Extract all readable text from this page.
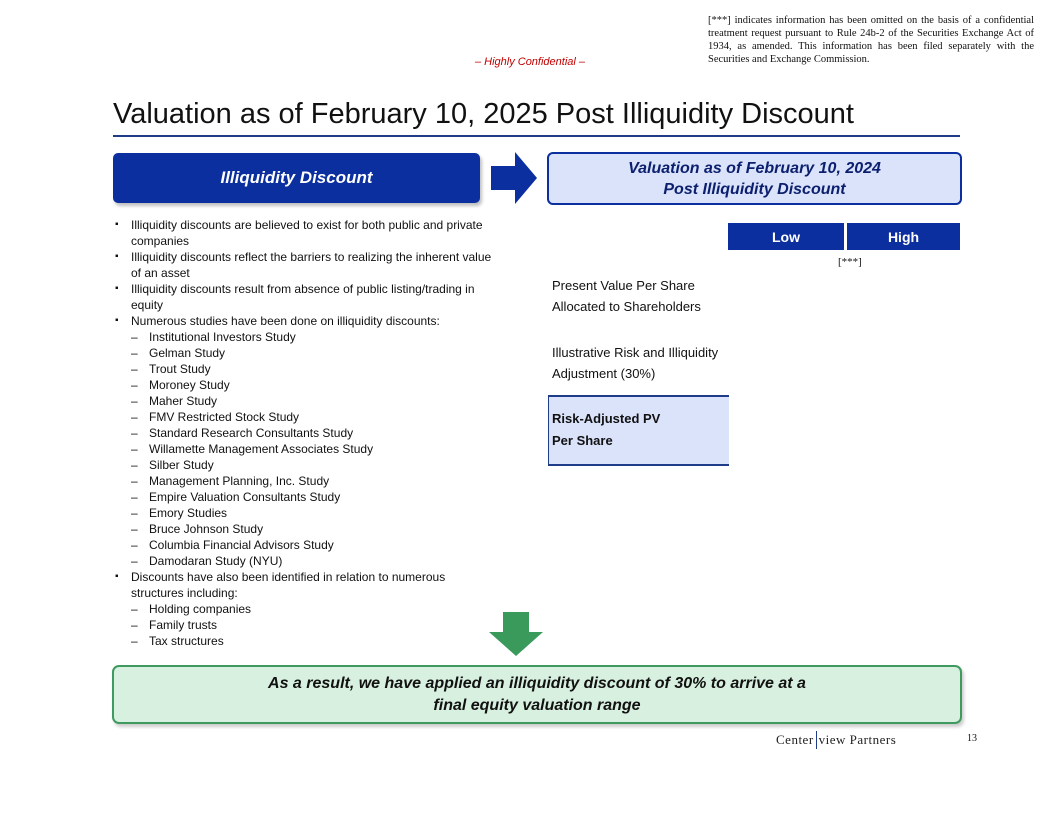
[***] indicates information has been omitted on the basis of a confidential treatment request pursuant to Rule 24b-2 of the Securities Exchange Act of 1934, as amended. This information has been filed separately with the Securities and Exchange Commission.
– Highly Confidential –
Valuation as of February 10, 2025 Post Illiquidity Discount
Illiquidity Discount	Valuation as of February 10, 2024
Post Illiquidity Discount
▪ Illiquidity discounts are believed to exist for both public and private companies
▪ Illiquidity discounts reflect the barriers to realizing the inherent value of an asset
▪ Illiquidity discounts result from absence of public listing/trading in equity
▪ Numerous studies have been done on illiquidity discounts:
– Institutional Investors Study
– Gelman Study
– Trout Study
– Moroney Study
– Maher Study
– FMV Restricted Stock Study
– Standard Research Consultants Study
– Willamette Management Associates Study
– Silber Study
– Management Planning, Inc. Study
– Empire Valuation Consultants Study
– Emory Studies
– Bruce Johnson Study
– Columbia Financial Advisors Study
– Damodaran Study (NYU)
▪ Discounts have also been identified in relation to numerous structures including:
– Holding companies
– Family trusts
– Tax structures
Low	High
[***]
Present Value Per Share
Allocated to Shareholders
Illustrative Risk and Illiquidity
Adjustment (30%)
Risk-Adjusted PV
Per Share
As a result, we have applied an illiquidity discount of 30% to arrive at a
final equity valuation range
Center view Partners	13
